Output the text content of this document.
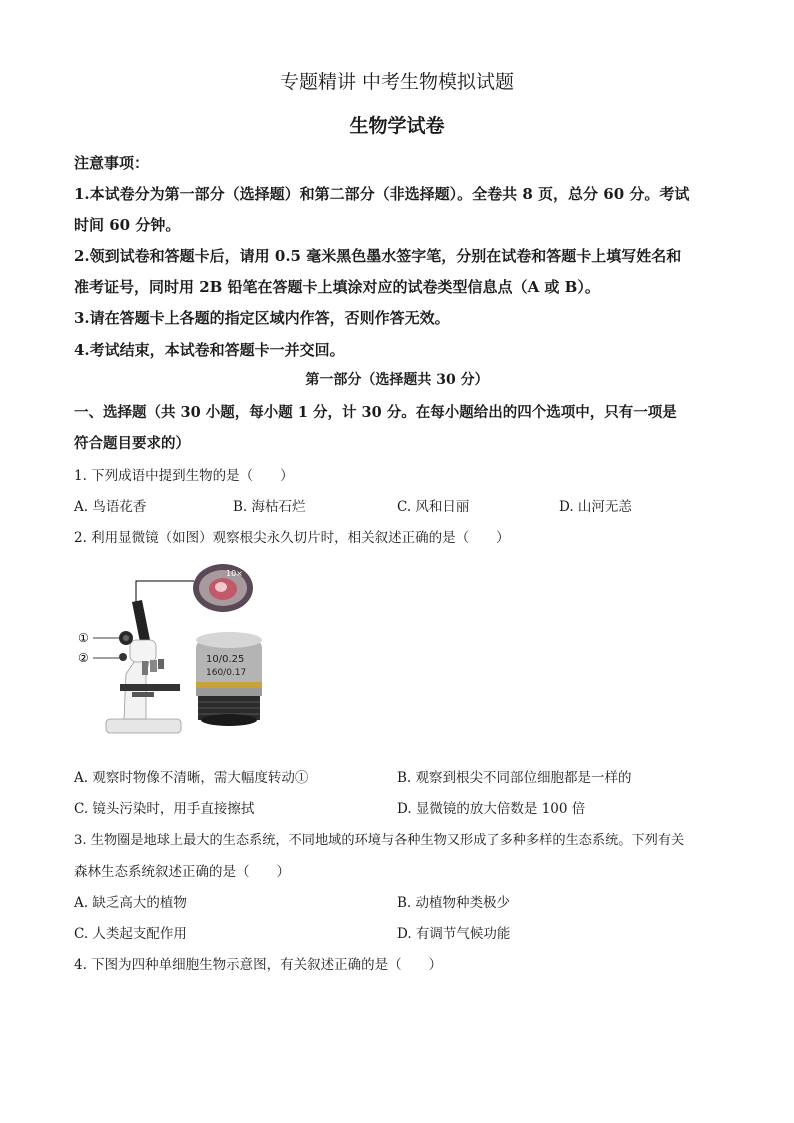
专题精讲 中考生物模拟试题
生物学试卷
注意事项：
1.本试卷分为第一部分（选择题）和第二部分（非选择题）。全卷共 8 页，总分 60 分。考试
时间 60 分钟。
2.领到试卷和答题卡后，请用 0.5 毫米黑色墨水签字笔，分别在试卷和答题卡上填写姓名和
准考证号，同时用 2B 铅笔在答题卡上填涂对应的试卷类型信息点（A 或 B）。
3.请在答题卡上各题的指定区域内作答，否则作答无效。
4.考试结束，本试卷和答题卡一并交回。
第一部分（选择题共 30 分）
一、选择题（共 30 小题，每小题 1 分，计 30 分。在每小题给出的四个选项中，只有一项是
符合题目要求的）
1. 下列成语中提到生物的是（　　）
A. 鸟语花香	B. 海枯石烂	C. 风和日丽	D. 山河无恙
2. 利用显微镜（如图）观察根尖永久切片时，相关叙述正确的是（　　）
10×
①
②	10/0.25
160/0.17
A. 观察时物像不清晰，需大幅度转动①	B. 观察到根尖不同部位细胞都是一样的
C. 镜头污染时，用手直接擦拭	D. 显微镜的放大倍数是 100 倍
3. 生物圈是地球上最大的生态系统，不同地域的环境与各种生物又形成了多种多样的生态系统。下列有关
森林生态系统叙述正确的是（　　）
A. 缺乏高大的植物	B. 动植物种类极少
C. 人类起支配作用	D. 有调节气候功能
4. 下图为四种单细胞生物示意图，有关叙述正确的是（　　）
